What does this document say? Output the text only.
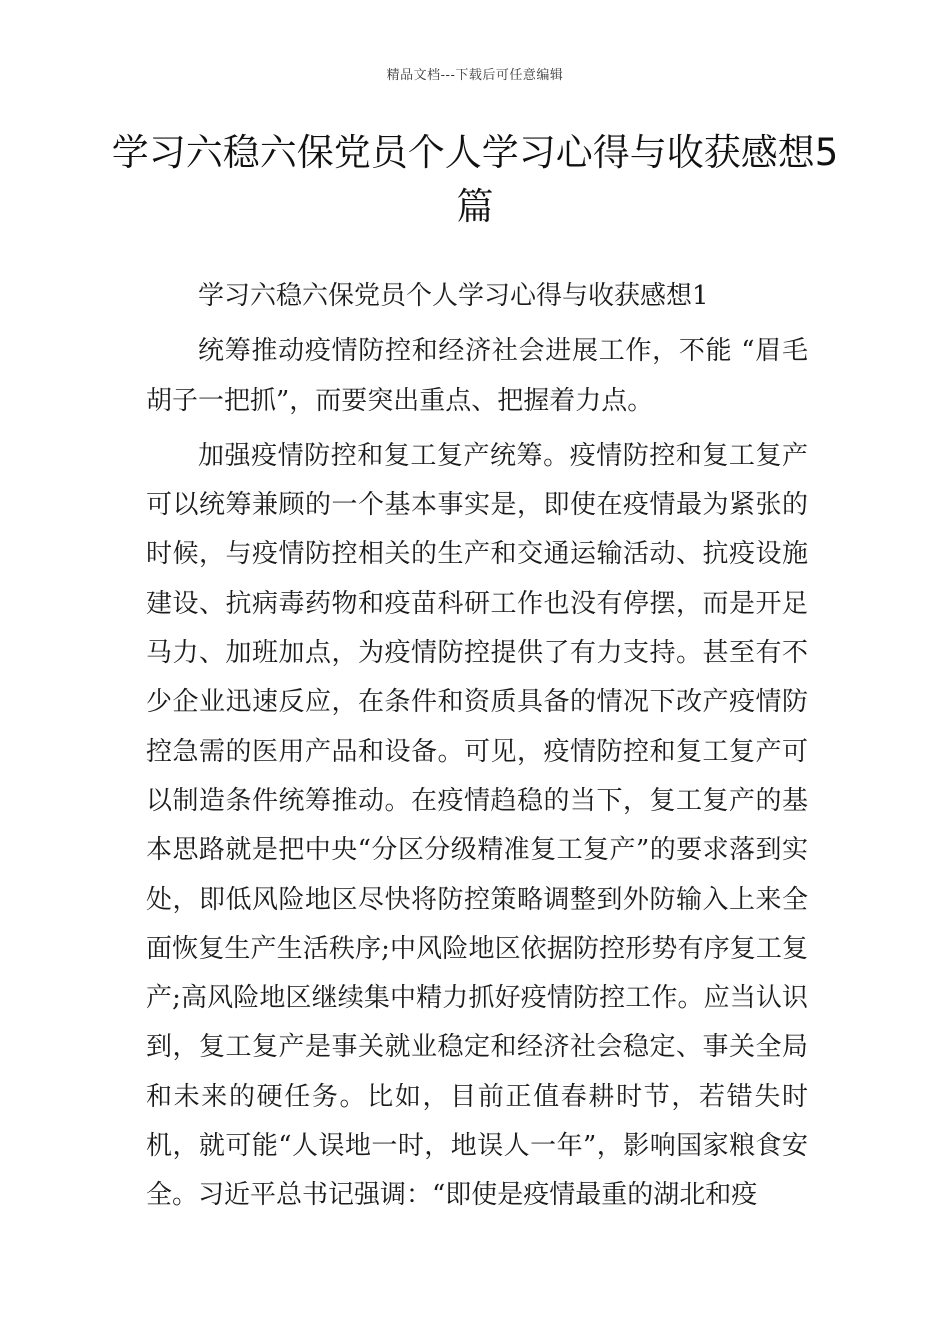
精品文档---下载后可任意编辑
学习六稳六保党员个人学习心得与收获感想5篇

学习六稳六保党员个人学习心得与收获感想1

统筹推动疫情防控和经济社会进展工作，不能 “眉毛胡子一把抓”，而要突出重点、把握着力点。

加强疫情防控和复工复产统筹。疫情防控和复工复产可以统筹兼顾的一个基本事实是，即使在疫情最为紧张的时候，与疫情防控相关的生产和交通运输活动、抗疫设施建设、抗病毒药物和疫苗科研工作也没有停摆，而是开足马力、加班加点，为疫情防控提供了有力支持。甚至有不少企业迅速反应，在条件和资质具备的情况下改产疫情防控急需的医用产品和设备。可见，疫情防控和复工复产可以制造条件统筹推动。在疫情趋稳的当下，复工复产的基本思路就是把中央“分区分级精准复工复产”的要求落到实处，即低风险地区尽快将防控策略调整到外防输入上来全面恢复生产生活秩序;中风险地区依据防控形势有序复工复产;高风险地区继续集中精力抓好疫情防控工作。应当认识到，复工复产是事关就业稳定和经济社会稳定、事关全局和未来的硬任务。比如，目前正值春耕时节，若错失时机，就可能“人误地一时，地误人一年”，影响国家粮食安全。习近平总书记强调：“即使是疫情最重的湖北和疫
